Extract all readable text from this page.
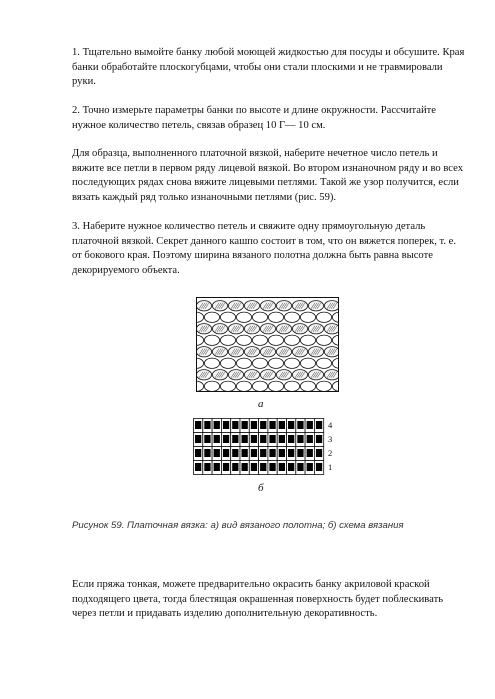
1. Тщательно вымойте банку любой моющей жидкостью для посуды и обсушите. Края банки обработайте плоскогубцами, чтобы они стали плоскими и не травмировали руки.

2. Точно измерьте параметры банки по высоте и длине окружности. Рассчитайте нужное количество петель, связав образец 10 Г— 10 см.

Для образца, выполненного платочной вязкой, наберите нечетное число петель и вяжите все петли в первом ряду лицевой вязкой. Во втором изнаночном ряду и во всех последующих рядах снова вяжите лицевыми петлями. Такой же узор получится, если вязать каждый ряд только изнаночными петлями (рис. 59).

3. Наберите нужное количество петель и свяжите одну прямоугольную деталь платочной вязкой. Секрет данного кашпо состоит в том, что он вяжется поперек, т. е. от бокового края. Поэтому ширина вязаного полотна должна быть равна высоте декорируемого объекта.

а
4
3
2
1
б

Рисунок 59. Платочная вязка: а) вид вязаного полотна; б) схема вязания

Если пряжа тонкая, можете предварительно окрасить банку акриловой краской подходящего цвета, тогда блестящая окрашенная поверхность будет поблескивать через петли и придавать изделию дополнительную декоративность.
